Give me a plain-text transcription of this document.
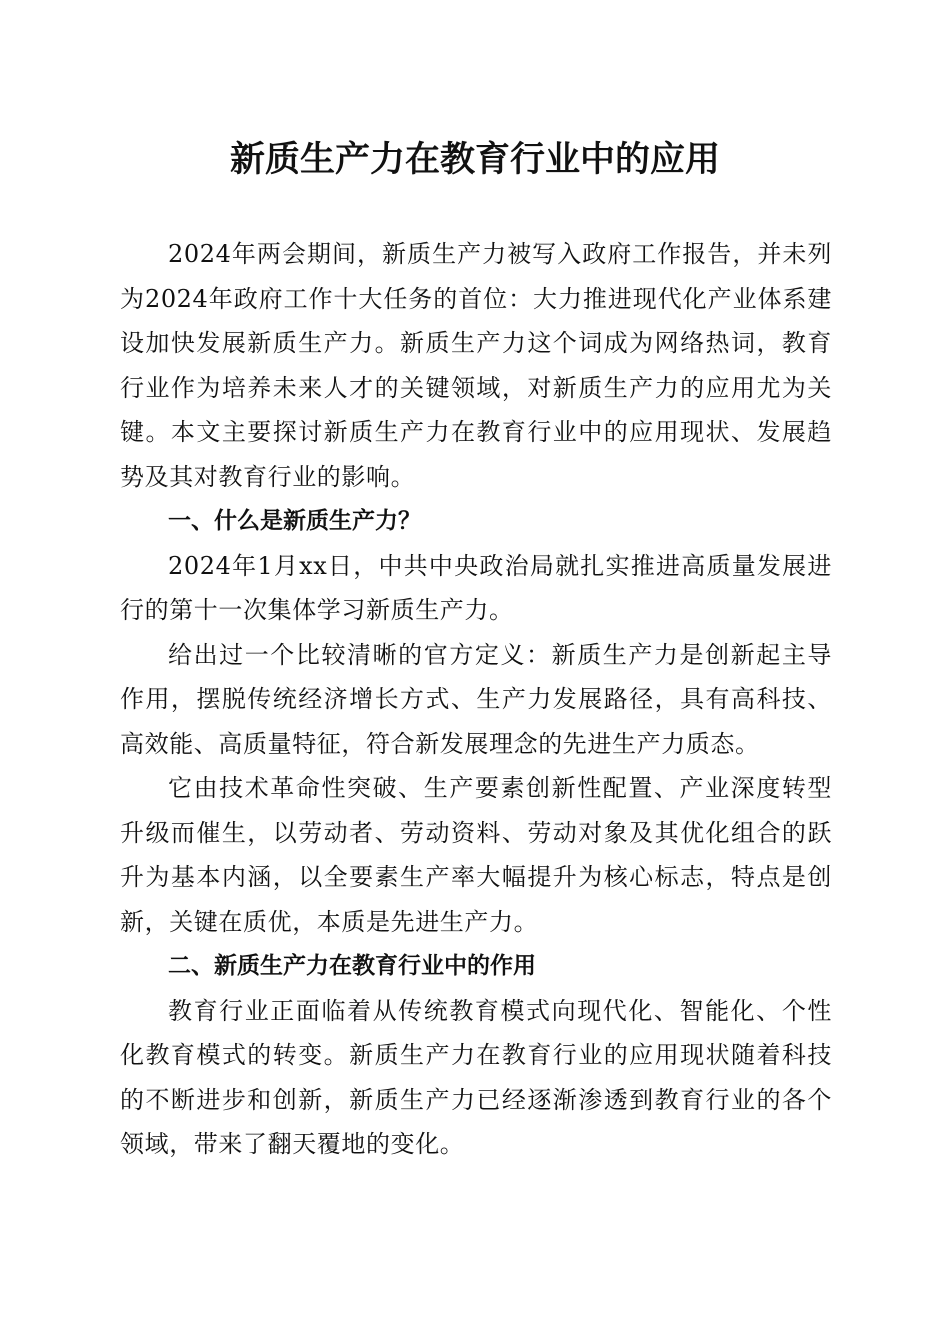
新质生产力在教育行业中的应用

2024年两会期间，新质生产力被写入政府工作报告，并未列为2024年政府工作十大任务的首位：大力推进现代化产业体系建设加快发展新质生产力。新质生产力这个词成为网络热词，教育行业作为培养未来人才的关键领域，对新质生产力的应用尤为关键。本文主要探讨新质生产力在教育行业中的应用现状、发展趋势及其对教育行业的影响。

一、什么是新质生产力？

2024年1月xx日，中共中央政治局就扎实推进高质量发展进行的第十一次集体学习新质生产力。

给出过一个比较清晰的官方定义：新质生产力是创新起主导作用，摆脱传统经济增长方式、生产力发展路径，具有高科技、高效能、高质量特征，符合新发展理念的先进生产力质态。

它由技术革命性突破、生产要素创新性配置、产业深度转型升级而催生，以劳动者、劳动资料、劳动对象及其优化组合的跃升为基本内涵，以全要素生产率大幅提升为核心标志，特点是创新，关键在质优，本质是先进生产力。

二、新质生产力在教育行业中的作用

教育行业正面临着从传统教育模式向现代化、智能化、个性化教育模式的转变。新质生产力在教育行业的应用现状随着科技的不断进步和创新，新质生产力已经逐渐渗透到教育行业的各个领域，带来了翻天覆地的变化。
